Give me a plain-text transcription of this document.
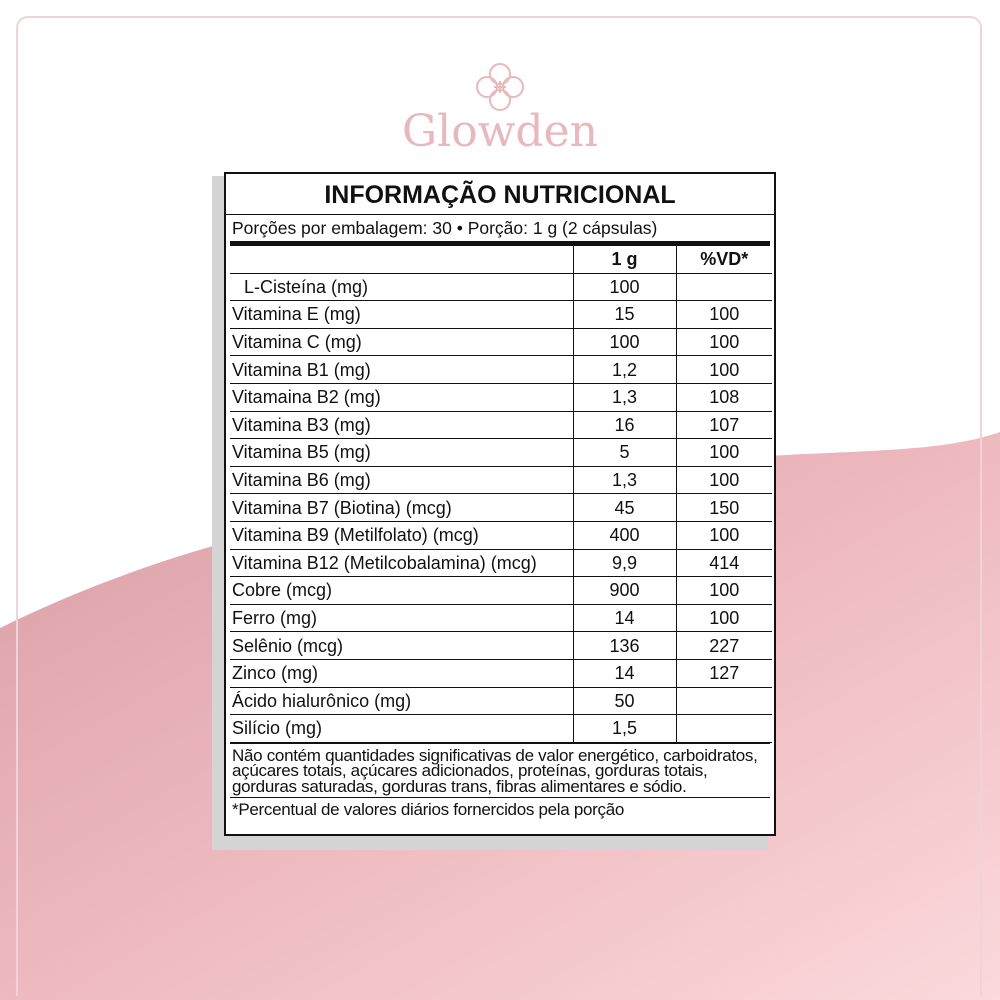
Glowden
INFORMAÇÃO NUTRICIONAL
Porções por embalagem: 30 • Porção: 1 g (2 cápsulas)
	1 g	%VD*
L-Cisteína (mg)	100	
Vitamina E (mg)	15	100
Vitamina C (mg)	100	100
Vitamina B1 (mg)	1,2	100
Vitamaina B2 (mg)	1,3	108
Vitamina B3 (mg)	16	107
Vitamina B5 (mg)	5	100
Vitamina B6 (mg)	1,3	100
Vitamina B7 (Biotina) (mcg)	45	150
Vitamina B9 (Metilfolato) (mcg)	400	100
Vitamina B12 (Metilcobalamina) (mcg)	9,9	414
Cobre (mcg)	900	100
Ferro (mg)	14	100
Selênio (mcg)	136	227
Zinco (mg)	14	127
Ácido hialurônico (mg)	50	
Silício (mg)	1,5	
Não contém quantidades significativas de valor energético, carboidratos,
açúcares totais, açúcares adicionados, proteínas, gorduras totais,
gorduras saturadas, gorduras trans, fibras alimentares e sódio.
*Percentual de valores diários fornercidos pela porção
